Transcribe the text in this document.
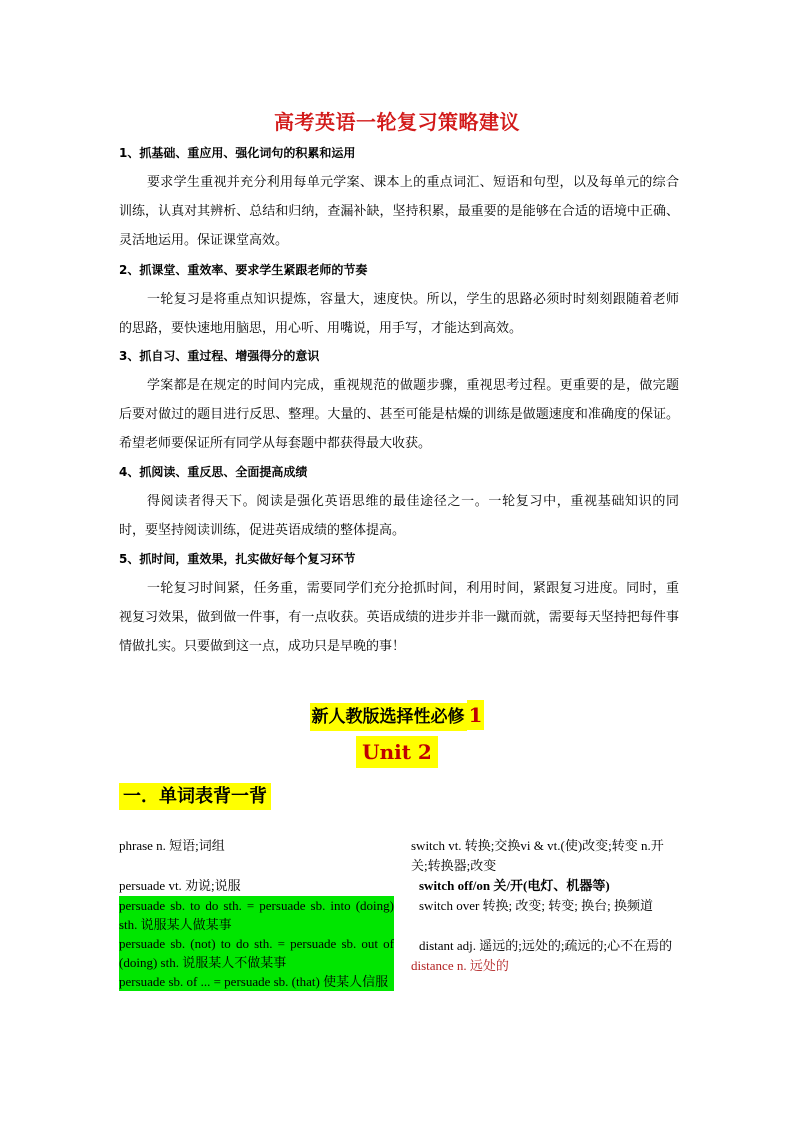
高考英语一轮复习策略建议

1、抓基础、重应用、强化词句的积累和运用

要求学生重视并充分利用每单元学案、课本上的重点词汇、短语和句型，以及每单元的综合训练，认真对其辨析、总结和归纳，查漏补缺，坚持积累，最重要的是能够在合适的语境中正确、灵活地运用。保证课堂高效。

2、抓课堂、重效率、要求学生紧跟老师的节奏

一轮复习是将重点知识提炼，容量大，速度快。所以，学生的思路必须时时刻刻跟随着老师的思路，要快速地用脑思，用心听、用嘴说，用手写，才能达到高效。

3、抓自习、重过程、增强得分的意识

学案都是在规定的时间内完成，重视规范的做题步骤，重视思考过程。更重要的是，做完题后要对做过的题目进行反思、整理。大量的、甚至可能是枯燥的训练是做题速度和准确度的保证。希望老师要保证所有同学从每套题中都获得最大收获。

4、抓阅读、重反思、全面提高成绩

得阅读者得天下。阅读是强化英语思维的最佳途径之一。一轮复习中，重视基础知识的同时，要坚持阅读训练，促进英语成绩的整体提高。

5、抓时间，重效果，扎实做好每个复习环节

一轮复习时间紧，任务重，需要同学们充分抢抓时间，利用时间，紧跟复习进度。同时，重视复习效果，做到做一件事，有一点收获。英语成绩的进步并非一蹴而就，需要每天坚持把每件事情做扎实。只要做到这一点，成功只是早晚的事！

新人教版选择性必修 1
Unit 2
一．单词表背一背

phrase n. 短语;词组

persuade vt. 劝说;说服

persuade sb. to do sth. = persuade sb. into (doing) sth. 说服某人做某事

persuade sb. (not) to do sth. = persuade sb. out of (doing) sth. 说服某人不做某事

persuade sb. of ... = persuade sb. (that) 使某人信服

switch vt. 转换;交换vi & vt.(使)改变;转变 n.开关;转换器;改变

switch off/on 关/开(电灯、机器等)

switch over 转换; 改变; 转变; 换台; 换频道

distant adj. 遥远的;远处的;疏远的;心不在焉的

distance n. 远处的
